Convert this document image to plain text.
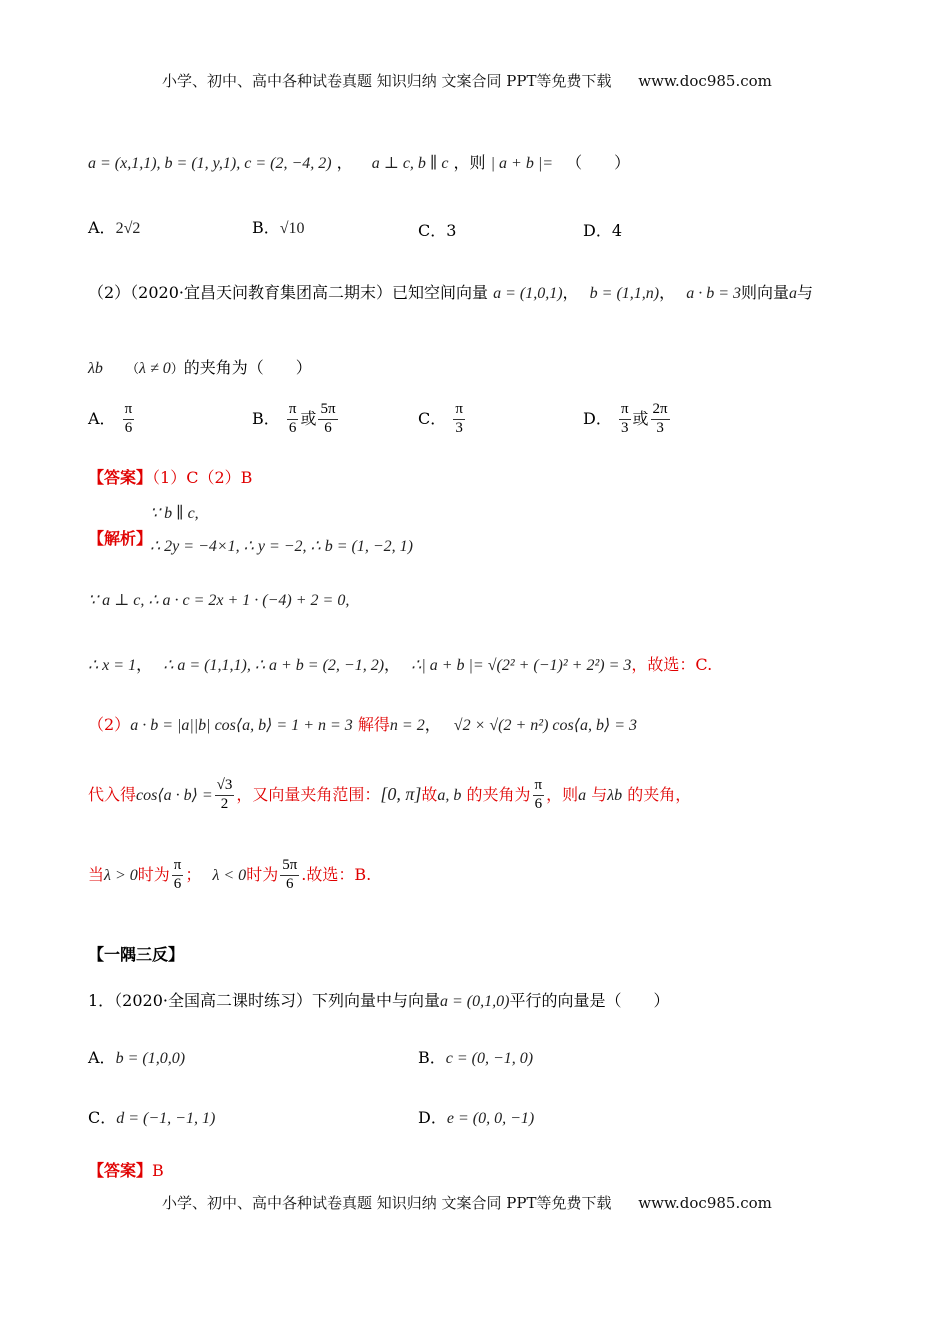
小学、初中、高中各种试卷真题 知识归纳 文案合同 PPT等免费下载 www.doc985.com
a = (x,1,1), b = (1, y,1), c = (2, −4, 2) ， a ⊥ c, b ∥ c ，则 | a + b |= （　　）
A．2√2	B．√10	C．3	D．4
（2）（2020·宜昌天问教育集团高二期末）已知空间向量 a = (1,0,1)， b = (1,1,n)， a · b = 3则向量a与
λb （λ ≠ 0）的夹角为（　　）
A． $\frac{\pi}{6}$	B． $\frac{\pi}{6}$ 或 $\frac{5\pi}{6}$	C． $\frac{\pi}{3}$	D． $\frac{\pi}{3}$ 或 $\frac{2\pi}{3}$
【答案】（1）C（2）B
∵ b ∥ c,
【解析】
∴ 2y = −4×1, ∴ y = −2, ∴ b = (1, −2, 1)
∵ a ⊥ c, ∴ a · c = 2x + 1 · (−4) + 2 = 0,
∴ x = 1， ∴ a = (1,1,1), ∴ a + b = (2, −1, 2)， ∴| a + b |= √(2² + (−1)² + 2²) = 3，故选：C.
（2）a · b = |a||b| cos⟨a, b⟩ = 1 + n = 3 解得n = 2， √2 × √(2 + n²) cos⟨a, b⟩ = 3
代入得cos⟨a · b⟩ = $\frac{√3}{2}$ ，又向量夹角范围：[0, π]故a, b 的夹角为 $\frac{\pi}{6}$ ，则a 与λb 的夹角，
当λ > 0时为 $\frac{\pi}{6}$ ； λ < 0时为 $\frac{5\pi}{6}$ .故选：B.
【一隅三反】
1．（2020·全国高二课时练习）下列向量中与向量a = (0,1,0)平行的向量是（　　）
A．b = (1,0,0)	B．c = (0, −1, 0)
C．d = (−1, −1, 1)	D．e = (0, 0, −1)
【答案】B
小学、初中、高中各种试卷真题 知识归纳 文案合同 PPT等免费下载 www.doc985.com
